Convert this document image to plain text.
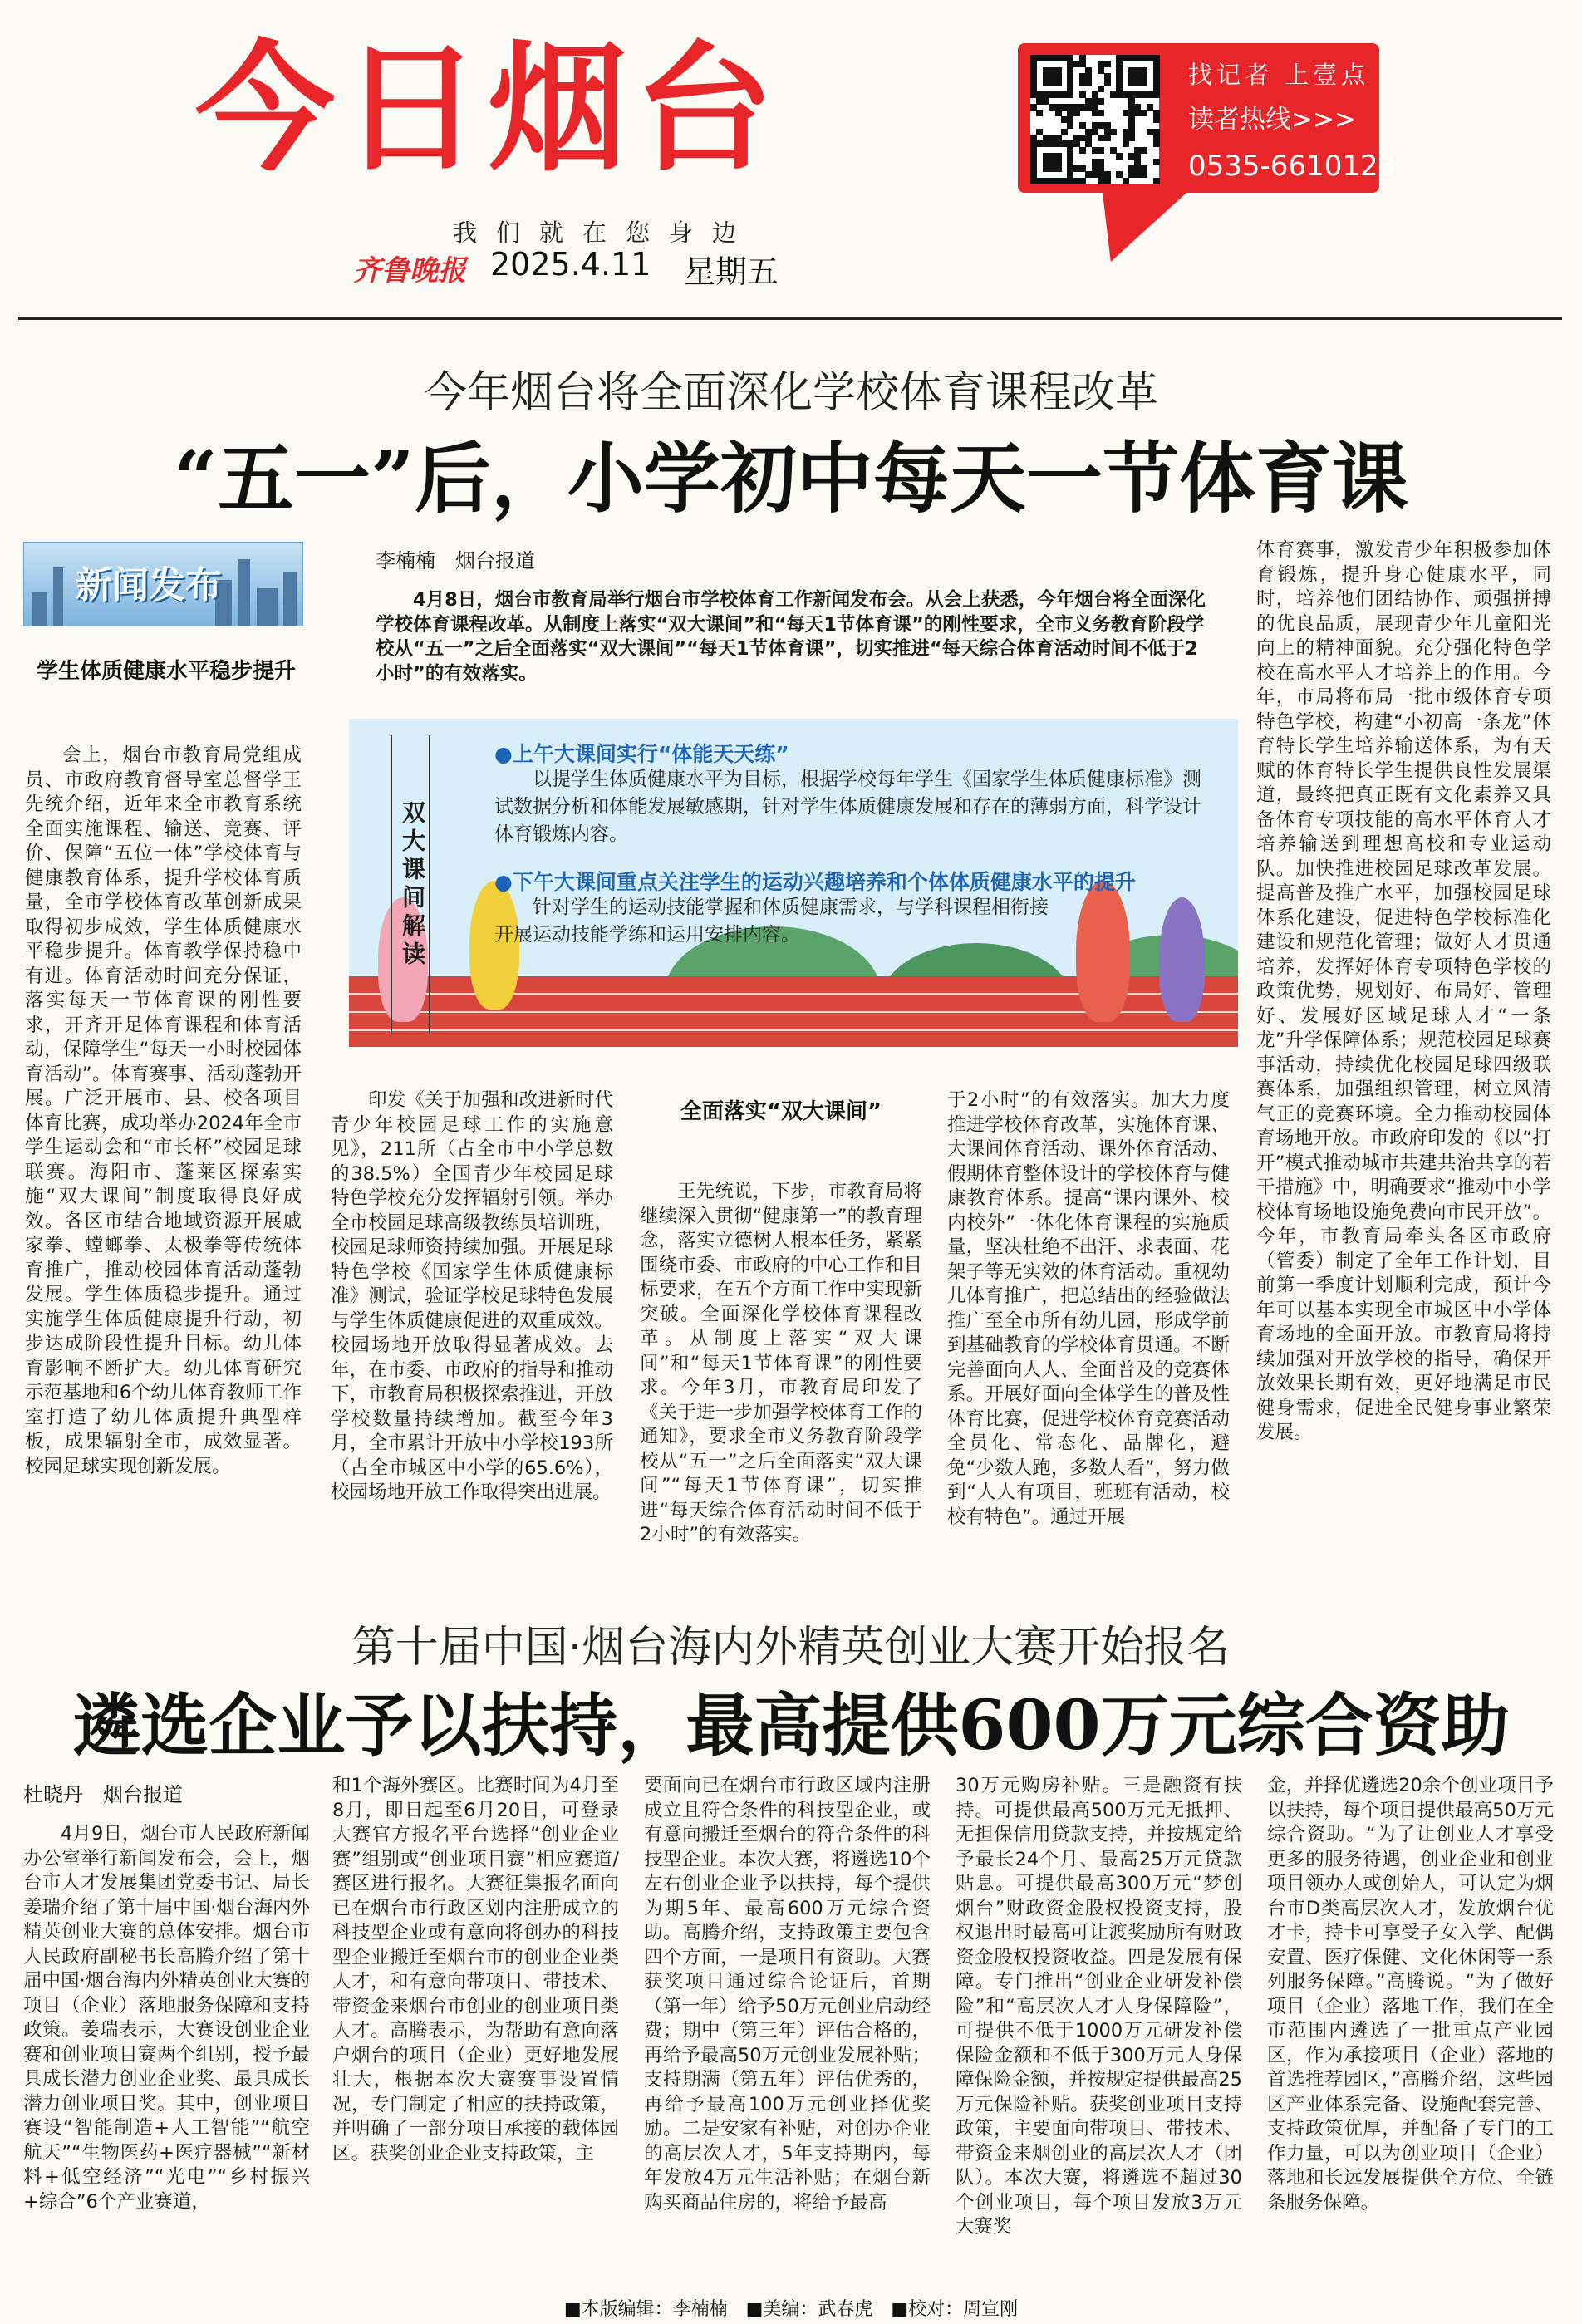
今日烟台
我们就在您身边
齐鲁晚报 2025.4.11 星期五
找记者 上壹点
读者热线>>>
0535-6610123
今年烟台将全面深化学校体育课程改革
“五一”后，小学初中每天一节体育课
新闻发布
学生体质健康水平稳步提升
李楠楠　烟台报道
4月8日，烟台市教育局举行烟台市学校体育工作新闻发布会。从会上获悉，今年烟台将全面深化学校体育课程改革。从制度上落实“双大课间”和“每天1节体育课”的刚性要求，全市义务教育阶段学校从“五一”之后全面落实“双大课间”“每天1节体育课”，切实推进“每天综合体育活动时间不低于2小时”的有效落实。

会上，烟台市教育局党组成员、市政府教育督导室总督学王先统介绍，近年来全市教育系统全面实施课程、输送、竞赛、评价、保障“五位一体”学校体育与健康教育体系，提升学校体育质量，全市学校体育改革创新成果取得初步成效，学生体质健康水平稳步提升。体育教学保持稳中有进。体育活动时间充分保证，落实每天一节体育课的刚性要求，开齐开足体育课程和体育活动，保障学生“每天一小时校园体育活动”。体育赛事、活动蓬勃开展。广泛开展市、县、校各项目体育比赛，成功举办2024年全市学生运动会和“市长杯”校园足球联赛。海阳市、蓬莱区探索实施“双大课间”制度取得良好成效。各区市结合地域资源开展戚家拳、螳螂拳、太极拳等传统体育推广，推动校园体育活动蓬勃发展。学生体质稳步提升。通过实施学生体质健康提升行动，初步达成阶段性提升目标。幼儿体育影响不断扩大。幼儿体育研究示范基地和6个幼儿体育教师工作室打造了幼儿体质提升典型样板，成果辐射全市，成效显著。校园足球实现创新发展。

双大课间解读
●上午大课间实行“体能天天练”
以提学生体质健康水平为目标，根据学校每年学生《国家学生体质健康标准》测试数据分析和体能发展敏感期，针对学生体质健康发展和存在的薄弱方面，科学设计体育锻炼内容。
●下午大课间重点关注学生的运动兴趣培养和个体体质健康水平的提升
针对学生的运动技能掌握和体质健康需求，与学科课程相衔接开展运动技能学练和运用安排内容。

印发《关于加强和改进新时代青少年校园足球工作的实施意见》，211所（占全市中小学总数的38.5%）全国青少年校园足球特色学校充分发挥辐射引领。举办全市校园足球高级教练员培训班，校园足球师资持续加强。开展足球特色学校《国家学生体质健康标准》测试，验证学校足球特色发展与学生体质健康促进的双重成效。校园场地开放取得显著成效。去年，在市委、市政府的指导和推动下，市教育局积极探索推进，开放学校数量持续增加。截至今年3月，全市累计开放中小学校193所（占全市城区中小学的65.6%），校园场地开放工作取得突出进展。

全面落实“双大课间”

王先统说，下步，市教育局将继续深入贯彻“健康第一”的教育理念，落实立德树人根本任务，紧紧围绕市委、市政府的中心工作和目标要求，在五个方面工作中实现新突破。全面深化学校体育课程改革。从制度上落实“双大课间”和“每天1节体育课”的刚性要求。今年3月，市教育局印发了《关于进一步加强学校体育工作的通知》，要求全市义务教育阶段学校从“五一”之后全面落实“双大课间”“每天1节体育课”，切实推进“每天综合体育活动时间不低于2小时”的有效落实。

于2小时”的有效落实。加大力度推进学校体育改革，实施体育课、大课间体育活动、课外体育活动、假期体育整体设计的学校体育与健康教育体系。提高“课内课外、校内校外”一体化体育课程的实施质量，坚决杜绝不出汗、求表面、花架子等无实效的体育活动。重视幼儿体育推广，把总结出的经验做法推广至全市所有幼儿园，形成学前到基础教育的学校体育贯通。不断完善面向人人、全面普及的竞赛体系。开展好面向全体学生的普及性体育比赛，促进学校体育竞赛活动全员化、常态化、品牌化，避免“少数人跑，多数人看”，努力做到“人人有项目，班班有活动，校校有特色”。通过开展

体育赛事，激发青少年积极参加体育锻炼，提升身心健康水平，同时，培养他们团结协作、顽强拼搏的优良品质，展现青少年儿童阳光向上的精神面貌。充分强化特色学校在高水平人才培养上的作用。今年，市局将布局一批市级体育专项特色学校，构建“小初高一条龙”体育特长学生培养输送体系，为有天赋的体育特长学生提供良性发展渠道，最终把真正既有文化素养又具备体育专项技能的高水平体育人才培养输送到理想高校和专业运动队。加快推进校园足球改革发展。提高普及推广水平，加强校园足球体系化建设，促进特色学校标准化建设和规范化管理；做好人才贯通培养，发挥好体育专项特色学校的政策优势，规划好、布局好、管理好、发展好区域足球人才“一条龙”升学保障体系；规范校园足球赛事活动，持续优化校园足球四级联赛体系，加强组织管理，树立风清气正的竞赛环境。全力推动校园体育场地开放。市政府印发的《以“打开”模式推动城市共建共治共享的若干措施》中，明确要求“推动中小学校体育场地设施免费向市民开放”。今年，市教育局牵头各区市政府（管委）制定了全年工作计划，目前第一季度计划顺利完成，预计今年可以基本实现全市城区中小学体育场地的全面开放。市教育局将持续加强对开放学校的指导，确保开放效果长期有效，更好地满足市民健身需求，促进全民健身事业繁荣发展。

第十届中国·烟台海内外精英创业大赛开始报名
遴选企业予以扶持，最高提供600万元综合资助
杜晓丹　烟台报道

4月9日，烟台市人民政府新闻办公室举行新闻发布会，会上，烟台市人才发展集团党委书记、局长姜瑞介绍了第十届中国·烟台海内外精英创业大赛的总体安排。烟台市人民政府副秘书长高腾介绍了第十届中国·烟台海内外精英创业大赛的项目（企业）落地服务保障和支持政策。姜瑞表示，大赛设创业企业赛和创业项目赛两个组别，授予最具成长潜力创业企业奖、最具成长潜力创业项目奖。其中，创业项目赛设“智能制造+人工智能”“航空航天”“生物医药+医疗器械”“新材料+低空经济”“光电”“乡村振兴+综合”6个产业赛道，

和1个海外赛区。比赛时间为4月至8月，即日起至6月20日，可登录大赛官方报名平台选择“创业企业赛”组别或“创业项目赛”相应赛道/赛区进行报名。大赛征集报名面向已在烟台市行政区划内注册成立的科技型企业或有意向将创办的科技型企业搬迁至烟台市的创业企业类人才，和有意向带项目、带技术、带资金来烟台市创业的创业项目类人才。高腾表示，为帮助有意向落户烟台的项目（企业）更好地发展壮大，根据本次大赛赛事设置情况，专门制定了相应的扶持政策，并明确了一部分项目承接的载体园区。获奖创业企业支持政策，主

要面向已在烟台市行政区域内注册成立且符合条件的科技型企业，或有意向搬迁至烟台的符合条件的科技型企业。本次大赛，将遴选10个左右创业企业予以扶持，每个提供为期5年、最高600万元综合资助。高腾介绍，支持政策主要包含四个方面，一是项目有资助。大赛获奖项目通过综合论证后，首期（第一年）给予50万元创业启动经费；期中（第三年）评估合格的，再给予最高50万元创业发展补贴；支持期满（第五年）评估优秀的，再给予最高100万元创业择优奖励。二是安家有补贴，对创办企业的高层次人才，5年支持期内，每年发放4万元生活补贴；在烟台新购买商品住房的，将给予最高

30万元购房补贴。三是融资有扶持。可提供最高500万元无抵押、无担保信用贷款支持，并按规定给予最长24个月、最高25万元贷款贴息。可提供最高300万元“梦创烟台”财政资金股权投资支持，股权退出时最高可让渡奖励所有财政资金股权投资收益。四是发展有保障。专门推出“创业企业研发补偿险”和“高层次人才人身保障险”，可提供不低于1000万元研发补偿保险金额和不低于300万元人身保障保险金额，并按规定提供最高25万元保险补贴。获奖创业项目支持政策，主要面向带项目、带技术、带资金来烟创业的高层次人才（团队）。本次大赛，将遴选不超过30个创业项目，每个项目发放3万元大赛奖

金，并择优遴选20余个创业项目予以扶持，每个项目提供最高50万元综合资助。“为了让创业人才享受更多的服务待遇，创业企业和创业项目领办人或创始人，可认定为烟台市D类高层次人才，发放烟台优才卡，持卡可享受子女入学、配偶安置、医疗保健、文化休闲等一系列服务保障。”高腾说。“为了做好项目（企业）落地工作，我们在全市范围内遴选了一批重点产业园区，作为承接项目（企业）落地的首选推荐园区，”高腾介绍，这些园区产业体系完备、设施配套完善、支持政策优厚，并配备了专门的工作力量，可以为创业项目（企业）落地和长远发展提供全方位、全链条服务保障。

■本版编辑：李楠楠　■美编：武春虎　■校对：周宣刚
